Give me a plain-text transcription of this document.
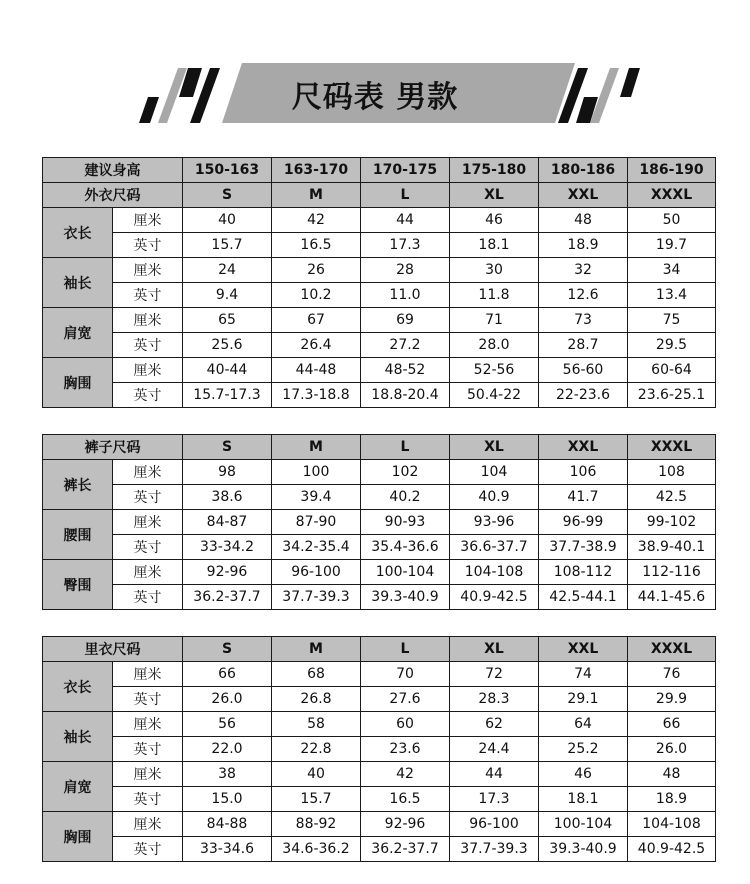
尺码表 男款
建议身高		150-163	163-170	170-175	175-180	180-186	186-190
外衣尺码		S	M	L	XL	XXL	XXXL
衣长	厘米	40	42	44	46	48	50
	英寸	15.7	16.5	17.3	18.1	18.9	19.7
袖长	厘米	24	26	28	30	32	34
	英寸	9.4	10.2	11.0	11.8	12.6	13.4
肩宽	厘米	65	67	69	71	73	75
	英寸	25.6	26.4	27.2	28.0	28.7	29.5
胸围	厘米	40-44	44-48	48-52	52-56	56-60	60-64
	英寸	15.7-17.3	17.3-18.8	18.8-20.4	50.4-22	22-23.6	23.6-25.1
裤子尺码		S	M	L	XL	XXL	XXXL
裤长	厘米	98	100	102	104	106	108
	英寸	38.6	39.4	40.2	40.9	41.7	42.5
腰围	厘米	84-87	87-90	90-93	93-96	96-99	99-102
	英寸	33-34.2	34.2-35.4	35.4-36.6	36.6-37.7	37.7-38.9	38.9-40.1
臀围	厘米	92-96	96-100	100-104	104-108	108-112	112-116
	英寸	36.2-37.7	37.7-39.3	39.3-40.9	40.9-42.5	42.5-44.1	44.1-45.6
里衣尺码		S	M	L	XL	XXL	XXXL
衣长	厘米	66	68	70	72	74	76
	英寸	26.0	26.8	27.6	28.3	29.1	29.9
袖长	厘米	56	58	60	62	64	66
	英寸	22.0	22.8	23.6	24.4	25.2	26.0
肩宽	厘米	38	40	42	44	46	48
	英寸	15.0	15.7	16.5	17.3	18.1	18.9
胸围	厘米	84-88	88-92	92-96	96-100	100-104	104-108
	英寸	33-34.6	34.6-36.2	36.2-37.7	37.7-39.3	39.3-40.9	40.9-42.5
